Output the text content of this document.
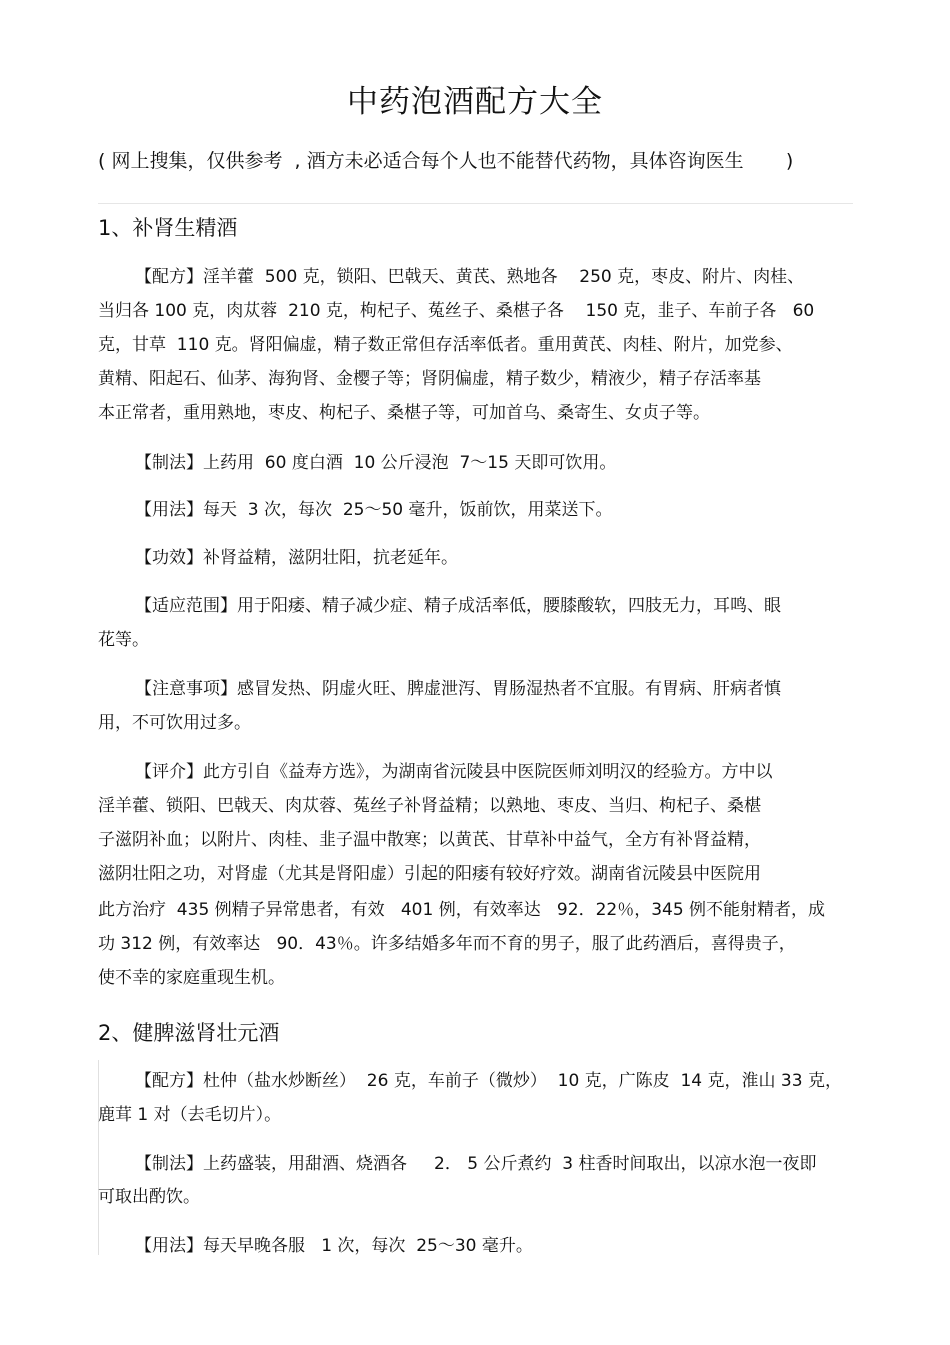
中药泡酒配方大全
( 网上搜集，仅供参考  , 酒方未必适合每个人也不能替代药物，具体咨询医生       )
1、补肾生精酒
【配方】淫羊藿  500 克，锁阳、巴戟天、黄芪、熟地各    250 克，枣皮、附片、肉桂、
当归各 100 克，肉苁蓉  210 克，枸杞子、菟丝子、桑椹子各    150 克，韭子、车前子各   60
克，甘草  110 克。肾阳偏虚，精子数正常但存活率低者。重用黄芪、肉桂、附片，加党参、
黄精、阳起石、仙茅、海狗肾、金樱子等；肾阴偏虚，精子数少，精液少，精子存活率基
本正常者，重用熟地，枣皮、枸杞子、桑椹子等，可加首乌、桑寄生、女贞子等。
【制法】上药用  60 度白酒  10 公斤浸泡  7～15 天即可饮用。
【用法】每天  3 次，每次  25～50 毫升，饭前饮，用菜送下。
【功效】补肾益精，滋阴壮阳，抗老延年。
【适应范围】用于阳痿、精子减少症、精子成活率低，腰膝酸软，四肢无力，耳鸣、眼
花等。
【注意事项】感冒发热、阴虚火旺、脾虚泄泻、胃肠湿热者不宜服。有胃病、肝病者慎
用，不可饮用过多。
【评介】此方引自《益寿方选》，为湖南省沅陵县中医院医师刘明汉的经验方。方中以
淫羊藿、锁阳、巴戟天、肉苁蓉、菟丝子补肾益精；以熟地、枣皮、当归、枸杞子、桑椹
子滋阴补血；以附片、肉桂、韭子温中散寒；以黄芪、甘草补中益气，全方有补肾益精，
滋阴壮阳之功，对肾虚（尤其是肾阳虚）引起的阳痿有较好疗效。湖南省沅陵县中医院用
此方治疗  435 例精子异常患者，有效   401 例，有效率达   92．22％，345 例不能射精者，成
功 312 例，有效率达   90．43％。许多结婚多年而不育的男子，服了此药酒后，喜得贵子，
使不幸的家庭重现生机。
2、健脾滋肾壮元酒
【配方】杜仲（盐水炒断丝）  26 克，车前子（微炒）  10 克，广陈皮  14 克，淮山 33 克，
鹿茸 1 对（去毛切片）。
【制法】上药盛装，用甜酒、烧酒各     2． 5 公斤煮约  3 柱香时间取出，以凉水泡一夜即
可取出酌饮。
【用法】每天早晚各服   1 次，每次  25～30 毫升。
